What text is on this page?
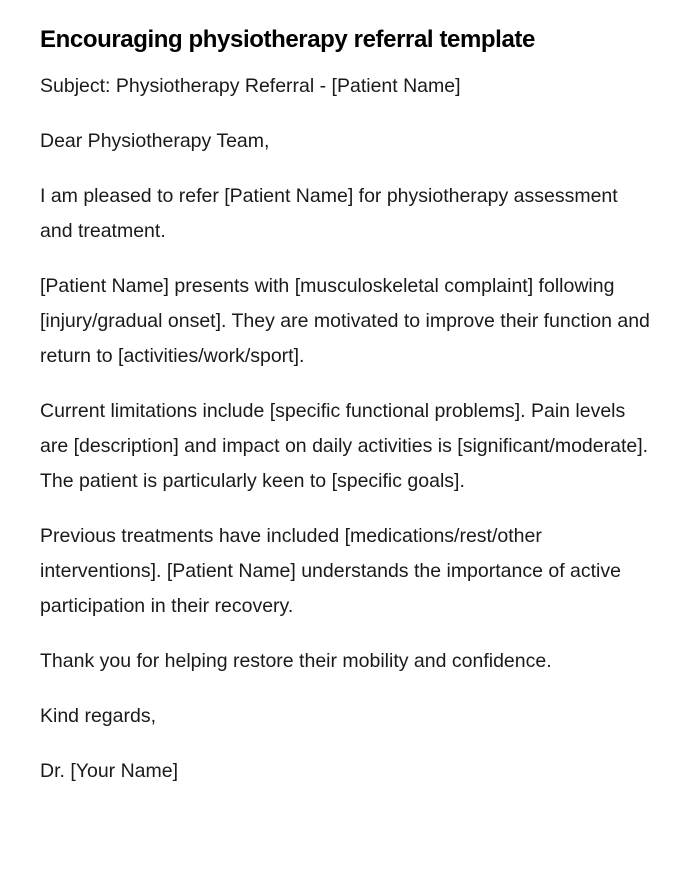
Encouraging physiotherapy referral template

Subject: Physiotherapy Referral - [Patient Name]

Dear Physiotherapy Team,

I am pleased to refer [Patient Name] for physiotherapy assessment and treatment.

[Patient Name] presents with [musculoskeletal complaint] following [injury/gradual onset]. They are motivated to improve their function and return to [activities/work/sport].

Current limitations include [specific functional problems]. Pain levels are [description] and impact on daily activities is [significant/moderate]. The patient is particularly keen to [specific goals].

Previous treatments have included [medications/rest/other interventions]. [Patient Name] understands the importance of active participation in their recovery.

Thank you for helping restore their mobility and confidence.

Kind regards,

Dr. [Your Name]
